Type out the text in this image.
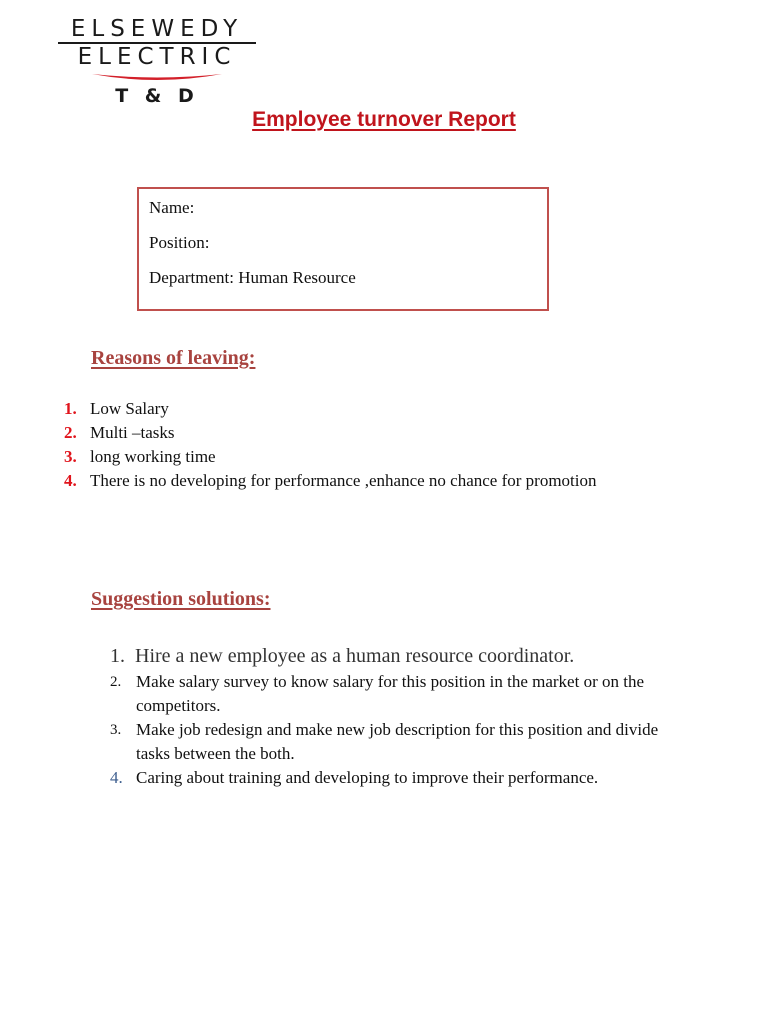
ELSEWEDY
ELECTRIC
T & D
Employee turnover Report
Name:
Position:
Department: Human Resource
Reasons of leaving:
1. Low Salary
2. Multi –tasks
3. long working time
4. There is no developing for performance ,enhance no chance for promotion
Suggestion solutions:
1. Hire a new employee as a human resource coordinator.
2. Make salary survey to know salary for this position in the market or on the competitors.
3. Make job redesign and make new job description for this position and divide tasks between the both.
4. Caring about training and developing to improve their performance.
